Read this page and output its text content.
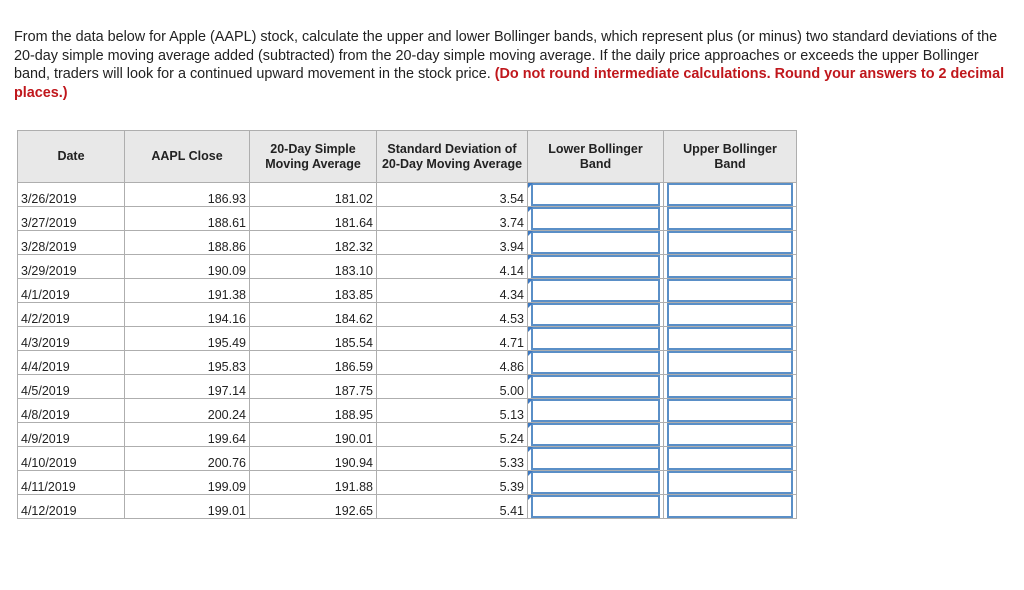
From the data below for Apple (AAPL) stock, calculate the upper and lower Bollinger bands, which represent plus (or minus) two standard deviations of the 20-day simple moving average added (subtracted) from the 20-day simple moving average. If the daily price approaches or exceeds the upper Bollinger band, traders will look for a continued upward movement in the stock price. (Do not round intermediate calculations. Round your answers to 2 decimal places.)

Date	AAPL Close	20-Day Simple Moving Average	Standard Deviation of 20-Day Moving Average	Lower Bollinger Band	Upper Bollinger Band
3/26/2019	186.93	181.02	3.54	

3/27/2019	188.61	181.64	3.74	

3/28/2019	188.86	182.32	3.94	

3/29/2019	190.09	183.10	4.14	

4/1/2019	191.38	183.85	4.34	

4/2/2019	194.16	184.62	4.53	

4/3/2019	195.49	185.54	4.71	

4/4/2019	195.83	186.59	4.86	

4/5/2019	197.14	187.75	5.00	

4/8/2019	200.24	188.95	5.13	

4/9/2019	199.64	190.01	5.24	

4/10/2019	200.76	190.94	5.33	

4/11/2019	199.09	191.88	5.39	

4/12/2019	199.01	192.65	5.41	
